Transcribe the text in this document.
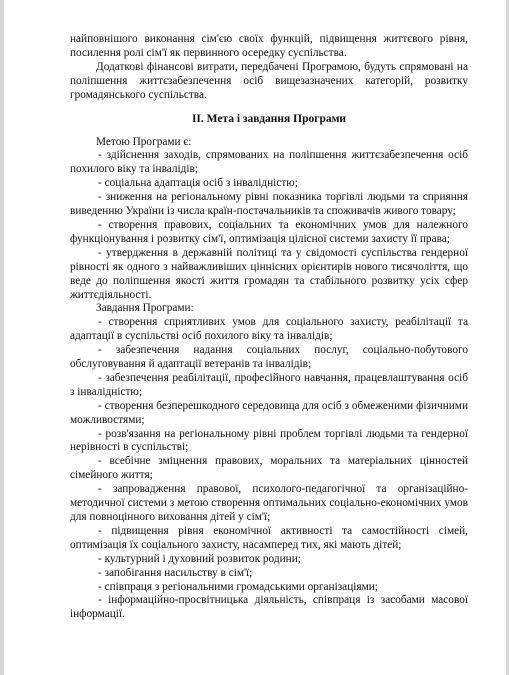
найповнішого виконання сім'єю своїх функцій, підвищення життєвого рівня, посилення ролі сім'ї як первинного осередку суспільства.

Додаткові фінансові витрати, передбачені Програмою, будуть спрямовані на поліпшення життєзабезпечення осіб вищезазначених категорій, розвитку громадянського суспільства.

II. Мета і завдання Програми

Метою Програми є:

- здійснення заходів, спрямованих на поліпшення життєзабезпечення осіб похилого віку та інвалідів;

- соціальна адаптація осіб з інвалідністю;

- зниження на регіональному рівні показника торгівлі людьми та сприяння виведенню України із числа країн-постачальників та споживачів живого товару;

- створення правових, соціальних та економічних умов для належного функціонування і розвитку сім'ї, оптимізація цілісної системи захисту її права;

- утвердження в державній політиці та у свідомості суспільства гендерної рівності як одного з найважливіших ціннісних орієнтирів нового тисячоліття, що веде до поліпшення якості життя громадян та стабільного розвитку усіх сфер життєдіяльності.

Завдання Програми:

- створення сприятливих умов для соціального захисту, реабілітації та адаптації в суспільстві осіб похилого віку та інвалідів;

- забезпечення надання соціальних послуг, соціально-побутового обслуговування й адаптації ветеранів та інвалідів;

- забезпечення реабілітації, професійного навчання, працевлаштування осіб з інвалідністю;

- створення безперешкодного середовища для осіб з обмеженими фізичними можливостями;

- розв'язання на регіональному рівні проблем торгівлі людьми та гендерної нерівності в суспільстві;

- всебічне зміцнення правових, моральних та матеріальних цінностей сімейного життя;

- запровадження правової, психолого-педагогічної та організаційно-методичної системи з метою створення оптимальних соціально-економічних умов для повноцінного виховання дітей у сім'ї;

- підвищення рівня економічної активності та самостійності сімей, оптимізація їх соціального захисту, насамперед тих, які мають дітей;

- культурний і духовний розвиток родини;

- запобігання насильству в сім'ї;

- співпраця з регіональними громадськими організаціями;

- інформаційно-просвітницька діяльність, співпраця із засобами масової інформації.
